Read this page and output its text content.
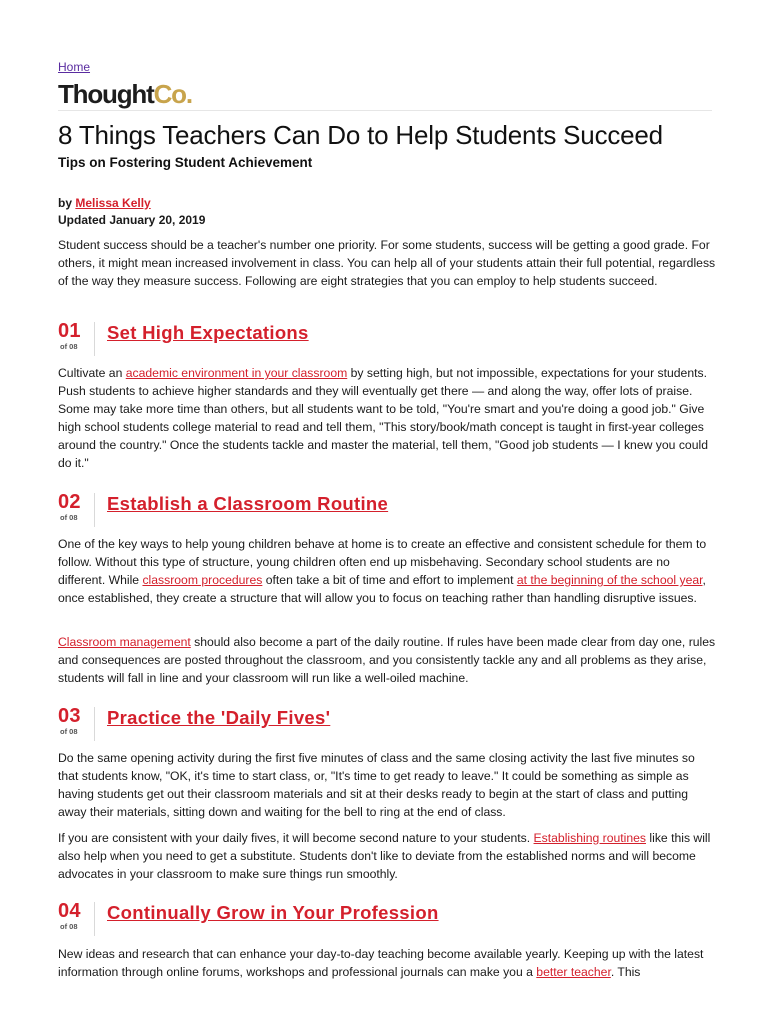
Home
ThoughtCo.
8 Things Teachers Can Do to Help Students Succeed
Tips on Fostering Student Achievement
by Melissa Kelly
Updated January 20, 2019

Student success should be a teacher's number one priority. For some students, success will be getting a good grade. For others, it might mean increased involvement in class. You can help all of your students attain their full potential, regardless of the way they measure success. Following are eight strategies that you can employ to help students succeed.

01
of 08
Set High Expectations

Cultivate an academic environment in your classroom by setting high, but not impossible, expectations for your students. Push students to achieve higher standards and they will eventually get there — and along the way, offer lots of praise. Some may take more time than others, but all students want to be told, "You're smart and you're doing a good job." Give high school students college material to read and tell them, "This story/book/math concept is taught in first-year colleges around the country." Once the students tackle and master the material, tell them, "Good job students — I knew you could do it."

02
of 08
Establish a Classroom Routine

One of the key ways to help young children behave at home is to create an effective and consistent schedule for them to follow. Without this type of structure, young children often end up misbehaving. Secondary school students are no different. While classroom procedures often take a bit of time and effort to implement at the beginning of the school year, once established, they create a structure that will allow you to focus on teaching rather than handling disruptive issues.

Classroom management should also become a part of the daily routine. If rules have been made clear from day one, rules and consequences are posted throughout the classroom, and you consistently tackle any and all problems as they arise, students will fall in line and your classroom will run like a well-oiled machine.

03
of 08
Practice the 'Daily Fives'

Do the same opening activity during the first five minutes of class and the same closing activity the last five minutes so that students know, "OK, it's time to start class, or, "It's time to get ready to leave." It could be something as simple as having students get out their classroom materials and sit at their desks ready to begin at the start of class and putting away their materials, sitting down and waiting for the bell to ring at the end of class.

If you are consistent with your daily fives, it will become second nature to your students. Establishing routines like this will also help when you need to get a substitute. Students don't like to deviate from the established norms and will become advocates in your classroom to make sure things run smoothly.

04
of 08
Continually Grow in Your Profession

New ideas and research that can enhance your day-to-day teaching become available yearly. Keeping up with the latest information through online forums, workshops and professional journals can make you a better teacher. This
